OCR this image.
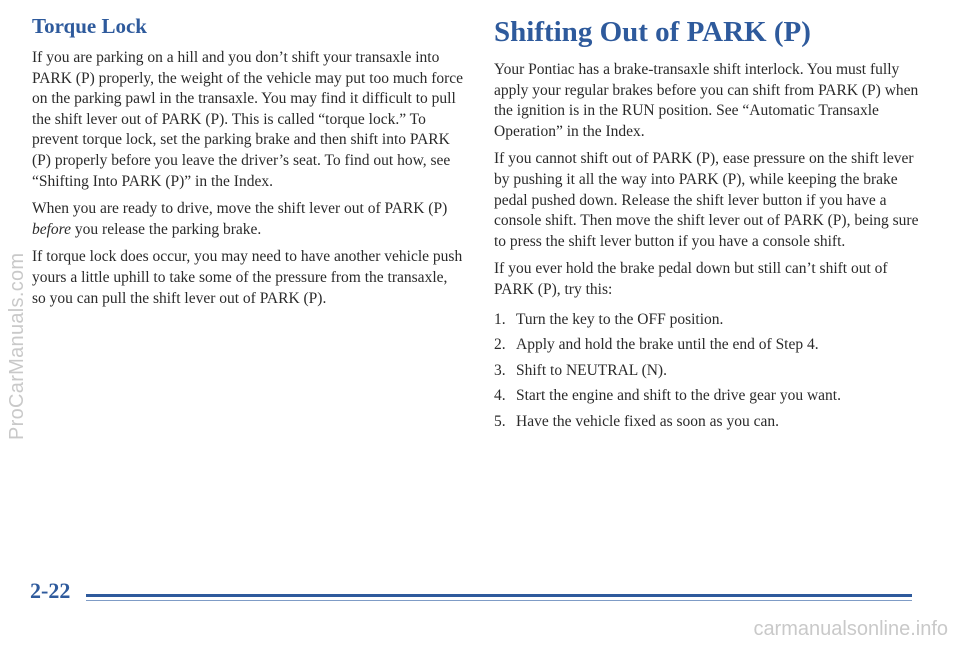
Torque Lock

If you are parking on a hill and you don’t shift your transaxle into PARK (P) properly, the weight of the vehicle may put too much force on the parking pawl in the transaxle. You may find it difficult to pull the shift lever out of PARK (P). This is called “torque lock.” To prevent torque lock, set the parking brake and then shift into PARK (P) properly before you leave the driver’s seat. To find out how, see “Shifting Into PARK (P)” in the Index.

When you are ready to drive, move the shift lever out of PARK (P) before you release the parking brake.

If torque lock does occur, you may need to have another vehicle push yours a little uphill to take some of the pressure from the transaxle, so you can pull the shift lever out of PARK (P).

Shifting Out of PARK (P)

Your Pontiac has a brake-transaxle shift interlock. You must fully apply your regular brakes before you can shift from PARK (P) when the ignition is in the RUN position. See “Automatic Transaxle Operation” in the Index.

If you cannot shift out of PARK (P), ease pressure on the shift lever by pushing it all the way into PARK (P), while keeping the brake pedal pushed down. Release the shift lever button if you have a console shift. Then move the shift lever out of PARK (P), being sure to press the shift lever button if you have a console shift.

If you ever hold the brake pedal down but still can’t shift out of PARK (P), try this:

1. Turn the key to the OFF position.
2. Apply and hold the brake until the end of Step 4.
3. Shift to NEUTRAL (N).
4. Start the engine and shift to the drive gear you want.
5. Have the vehicle fixed as soon as you can.
ProCarManuals.com
2-22
carmanualsonline.info
